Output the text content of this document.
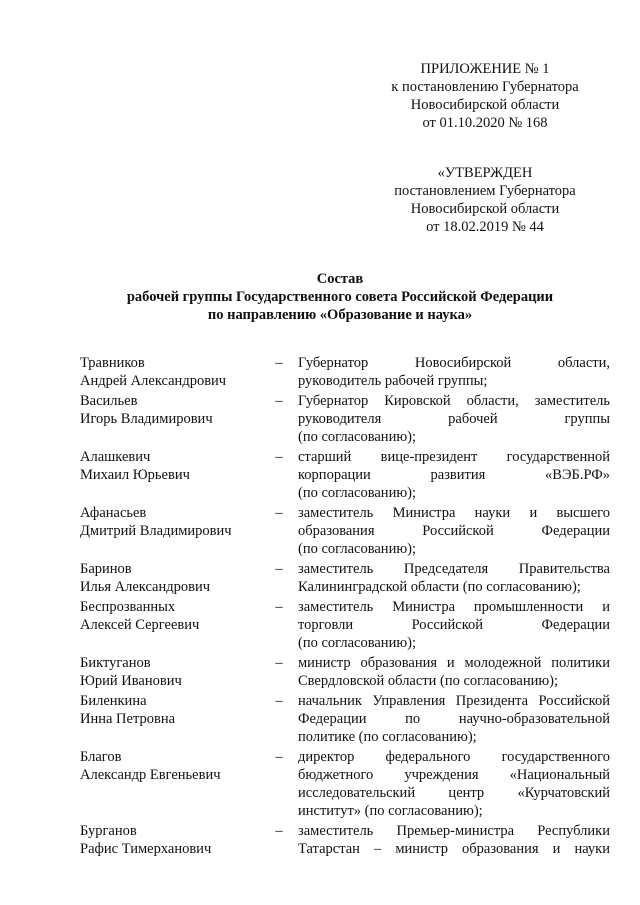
ПРИЛОЖЕНИЕ № 1
к постановлению Губернатора
Новосибирской области
от 01.10.2020 № 168
«УТВЕРЖДЕН
постановлением Губернатора
Новосибирской области
от 18.02.2019 № 44
Состав
рабочей группы Государственного совета Российской Федерации
по направлению «Образование и наука»
Травников
Андрей Александрович
–	Губернатор Новосибирской области,
руководитель рабочей группы;
Васильев
Игорь Владимирович
–	Губернатор Кировской области, заместитель
руководителя рабочей группы
(по согласованию);
Алашкевич
Михаил Юрьевич
–	старший вице-президент государственной
корпорации развития «ВЭБ.РФ»
(по согласованию);
Афанасьев
Дмитрий Владимирович
–	заместитель Министра науки и высшего
образования Российской Федерации
(по согласованию);
Баринов
Илья Александрович
–	заместитель Председателя Правительства
Калининградской области (по согласованию);
Беспрозванных
Алексей Сергеевич
–	заместитель Министра промышленности и
торговли Российской Федерации
(по согласованию);
Биктуганов
Юрий Иванович
–	министр образования и молодежной политики
Свердловской области (по согласованию);
Биленкина
Инна Петровна
–	начальник Управления Президента Российской
Федерации по научно-образовательной
политике (по согласованию);
Благов
Александр Евгеньевич
–	директор федерального государственного
бюджетного учреждения «Национальный
исследовательский центр «Курчатовский
институт» (по согласованию);
Бурганов
Рафис Тимерханович
–	заместитель Премьер-министра Республики
Татарстан – министр образования и науки
